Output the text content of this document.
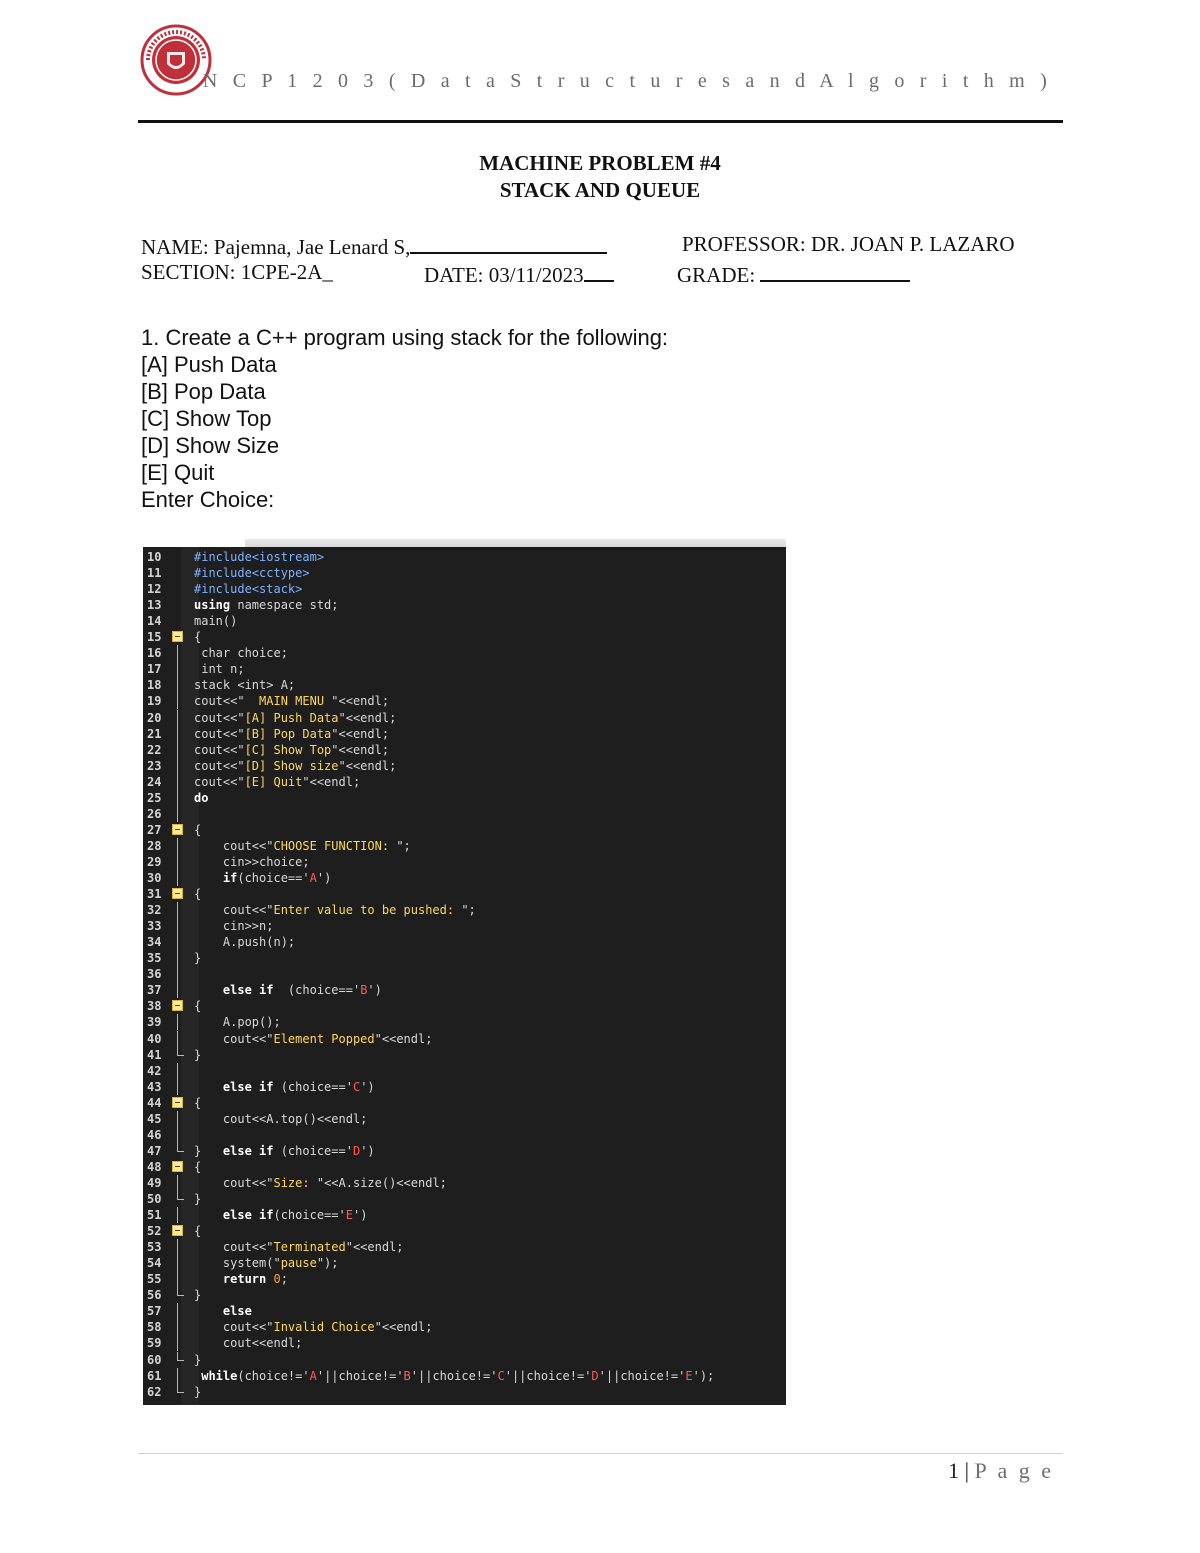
N C P 1 2 0 3 ( D a t a S t r u c t u r e s a n d A l g o r i t h m )
MACHINE PROBLEM #4
STACK AND QUEUE
NAME: Pajemna, Jae Lenard S,	PROFESSOR: DR. JOAN P. LAZARO
SECTION: 1CPE-2A_	DATE: 03/11/2023	GRADE:
1. Create a C++ program using stack for the following:
[A] Push Data
[B] Pop Data
[C] Show Top
[D] Show Size
[E] Quit
Enter Choice:
10	#include<iostream>
11	#include<cctype>
12	#include<stack>
13	using namespace std;
14	main()
15	{
16	char choice;
17	int n;
18	stack <int> A;
19	cout<<"  MAIN MENU "<<endl;
20	cout<<"[A] Push Data"<<endl;
21	cout<<"[B] Pop Data"<<endl;
22	cout<<"[C] Show Top"<<endl;
23	cout<<"[D] Show size"<<endl;
24	cout<<"[E] Quit"<<endl;
25	do
26
27	{
28	cout<<"CHOOSE FUNCTION: ";
29	cin>>choice;
30	if(choice=='A')
31	{
32	cout<<"Enter value to be pushed: ";
33	cin>>n;
34	A.push(n);
35	}
36
37	else if  (choice=='B')
38	{
39	A.pop();
40	cout<<"Element Popped"<<endl;
41	}
42
43	else if (choice=='C')
44	{
45	cout<<A.top()<<endl;
46
47	}   else if (choice=='D')
48	{
49	cout<<"Size: "<<A.size()<<endl;
50	}
51	else if(choice=='E')
52	{
53	cout<<"Terminated"<<endl;
54	system("pause");
55	return 0;
56	}
57	else
58	cout<<"Invalid Choice"<<endl;
59	cout<<endl;
60	}
61	while(choice!='A'||choice!='B'||choice!='C'||choice!='D'||choice!='E');
62	}
1 | P a g e
